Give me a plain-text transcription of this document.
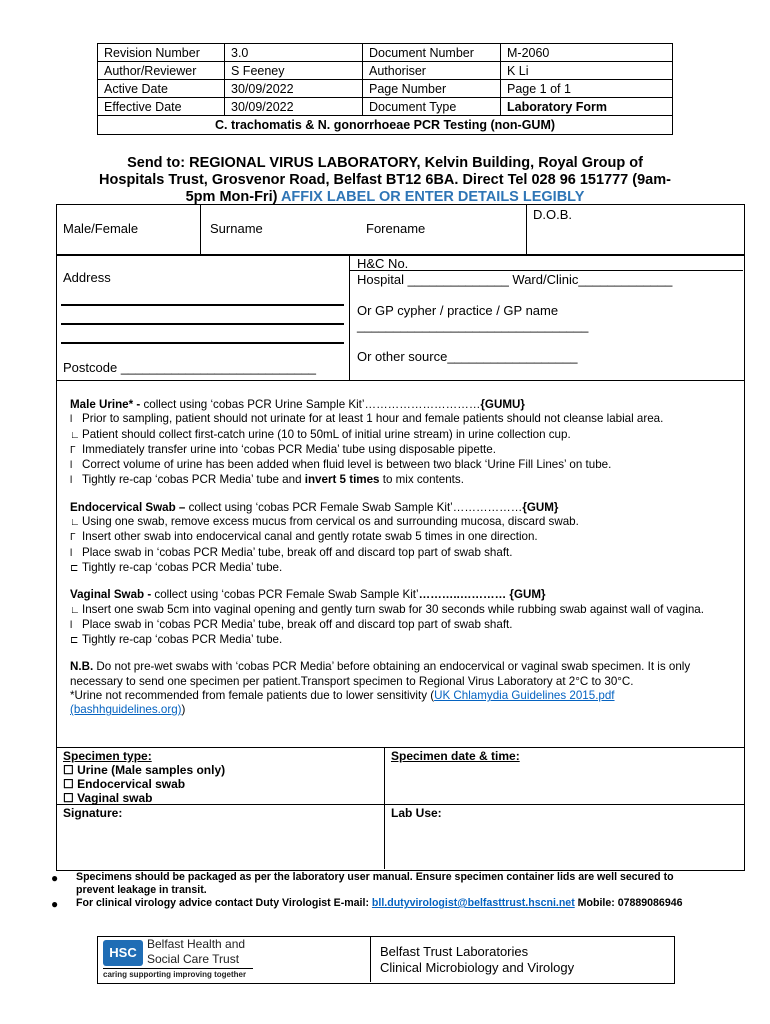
Revision Number	3.0	Document Number	M-2060
Author/Reviewer	S Feeney	Authoriser	K Li
Active Date	30/09/2022	Page Number	Page 1 of 1
Effective Date	30/09/2022	Document Type	Laboratory Form
C. trachomatis & N. gonorrhoeae PCR Testing (non-GUM)			
Send to: REGIONAL VIRUS LABORATORY, Kelvin Building, Royal Group of
Hospitals Trust, Grosvenor Road, Belfast BT12 6BA. Direct Tel 028 96 151777 (9am-
5pm Mon-Fri) AFFIX LABEL OR ENTER DETAILS LEGIBLY
Male/Female	Surname	Forename
D.O.B.
Address
Postcode ___________________________
H&C No.
Hospital ______________ Ward/Clinic_____________
Or GP cypher / practice / GP name
________________________________
Or other source__________________

Male Urine* - collect using ‘cobas PCR Urine Sample Kit’…………………………{GUMU}

l Prior to sampling, patient should not urinate for at least 1 hour and female patients should not cleanse labial area.

∟ Patient should collect first-catch urine (10 to 50mL of initial urine stream) in urine collection cup.

Γ Immediately transfer urine into ‘cobas PCR Media’ tube using disposable pipette.

l Correct volume of urine has been added when fluid level is between two black ‘Urine Fill Lines’ on tube.

l Tightly re-cap ‘cobas PCR Media’ tube and invert 5 times to mix contents.

Endocervical Swab – collect using ‘cobas PCR Female Swab Sample Kit’………………{GUM}

∟ Using one swab, remove excess mucus from cervical os and surrounding mucosa, discard swab.

Γ Insert other swab into endocervical canal and gently rotate swab 5 times in one direction.

l Place swab in ‘cobas PCR Media’ tube, break off and discard top part of swab shaft.

⊏ Tightly re-cap ‘cobas PCR Media’ tube.

Vaginal Swab - collect using ‘cobas PCR Female Swab Sample Kit’………..………… {GUM}

∟ Insert one swab 5cm into vaginal opening and gently turn swab for 30 seconds while rubbing swab against wall of vagina.

l Place swab in ‘cobas PCR Media’ tube, break off and discard top part of swab shaft.

⊏ Tightly re-cap ‘cobas PCR Media’ tube.

N.B. Do not pre-wet swabs with ‘cobas PCR Media’ before obtaining an endocervical or vaginal swab specimen. It is only necessary to send one specimen per patient.Transport specimen to Regional Virus Laboratory at 2°C to 30°C.

*Urine not recommended from female patients due to lower sensitivity (UK Chlamydia Guidelines 2015.pdf (bashhguidelines.org))

Specimen type:
☐ Urine (Male samples only)
☐ Endocervical swab
☐ Vaginal swab
Specimen date & time:
Signature:	Lab Use:
● Specimens should be packaged as per the laboratory user manual. Ensure specimen container lids are well secured to prevent leakage in transit.
● For clinical virology advice contact Duty Virologist E-mail: bll.dutyvirologist@belfasttrust.hscni.net Mobile: 07889086946
HSC
Belfast Health and
Social Care Trust
caring supporting improving together
Belfast Trust Laboratories
Clinical Microbiology and Virology
